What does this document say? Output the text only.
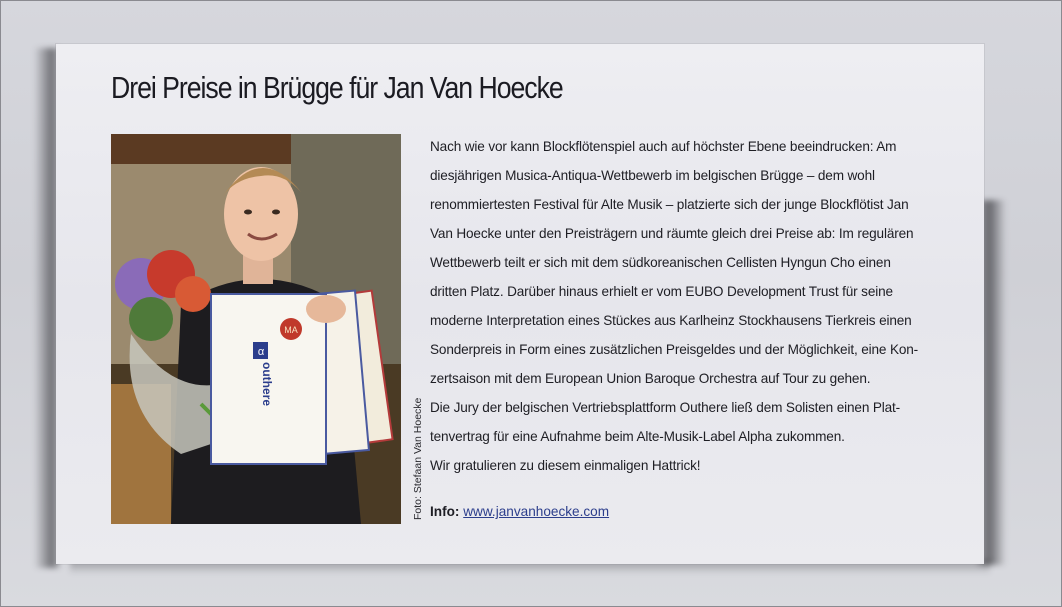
Drei Preise in Brügge für Jan Van Hoecke
MA
α
outhere
Foto: Stefaan Van Hoecke
Nach wie vor kann Blockflötenspiel auch auf höchster Ebene beeindrucken: Am
diesjährigen Musica-Antiqua-Wettbewerb im belgischen Brügge – dem wohl
renommiertesten Festival für Alte Musik – platzierte sich der junge Blockflötist Jan
Van Hoecke unter den Preisträgern und räumte gleich drei Preise ab: Im regulären
Wettbewerb teilt er sich mit dem südkoreanischen Cellisten Hyngun Cho einen
dritten Platz. Darüber hinaus erhielt er vom EUBO Development Trust für seine
moderne Interpretation eines Stückes aus Karlheinz Stockhausens Tierkreis einen
Sonderpreis in Form eines zusätzlichen Preisgeldes und der Möglichkeit, eine Kon-
zertsaison mit dem European Union Baroque Orchestra auf Tour zu gehen.
Die Jury der belgischen Vertriebsplattform Outhere ließ dem Solisten einen Plat-
tenvertrag für eine Aufnahme beim Alte-Musik-Label Alpha zukommen.
Wir gratulieren zu diesem einmaligen Hattrick!
Info: www.janvanhoecke.com
